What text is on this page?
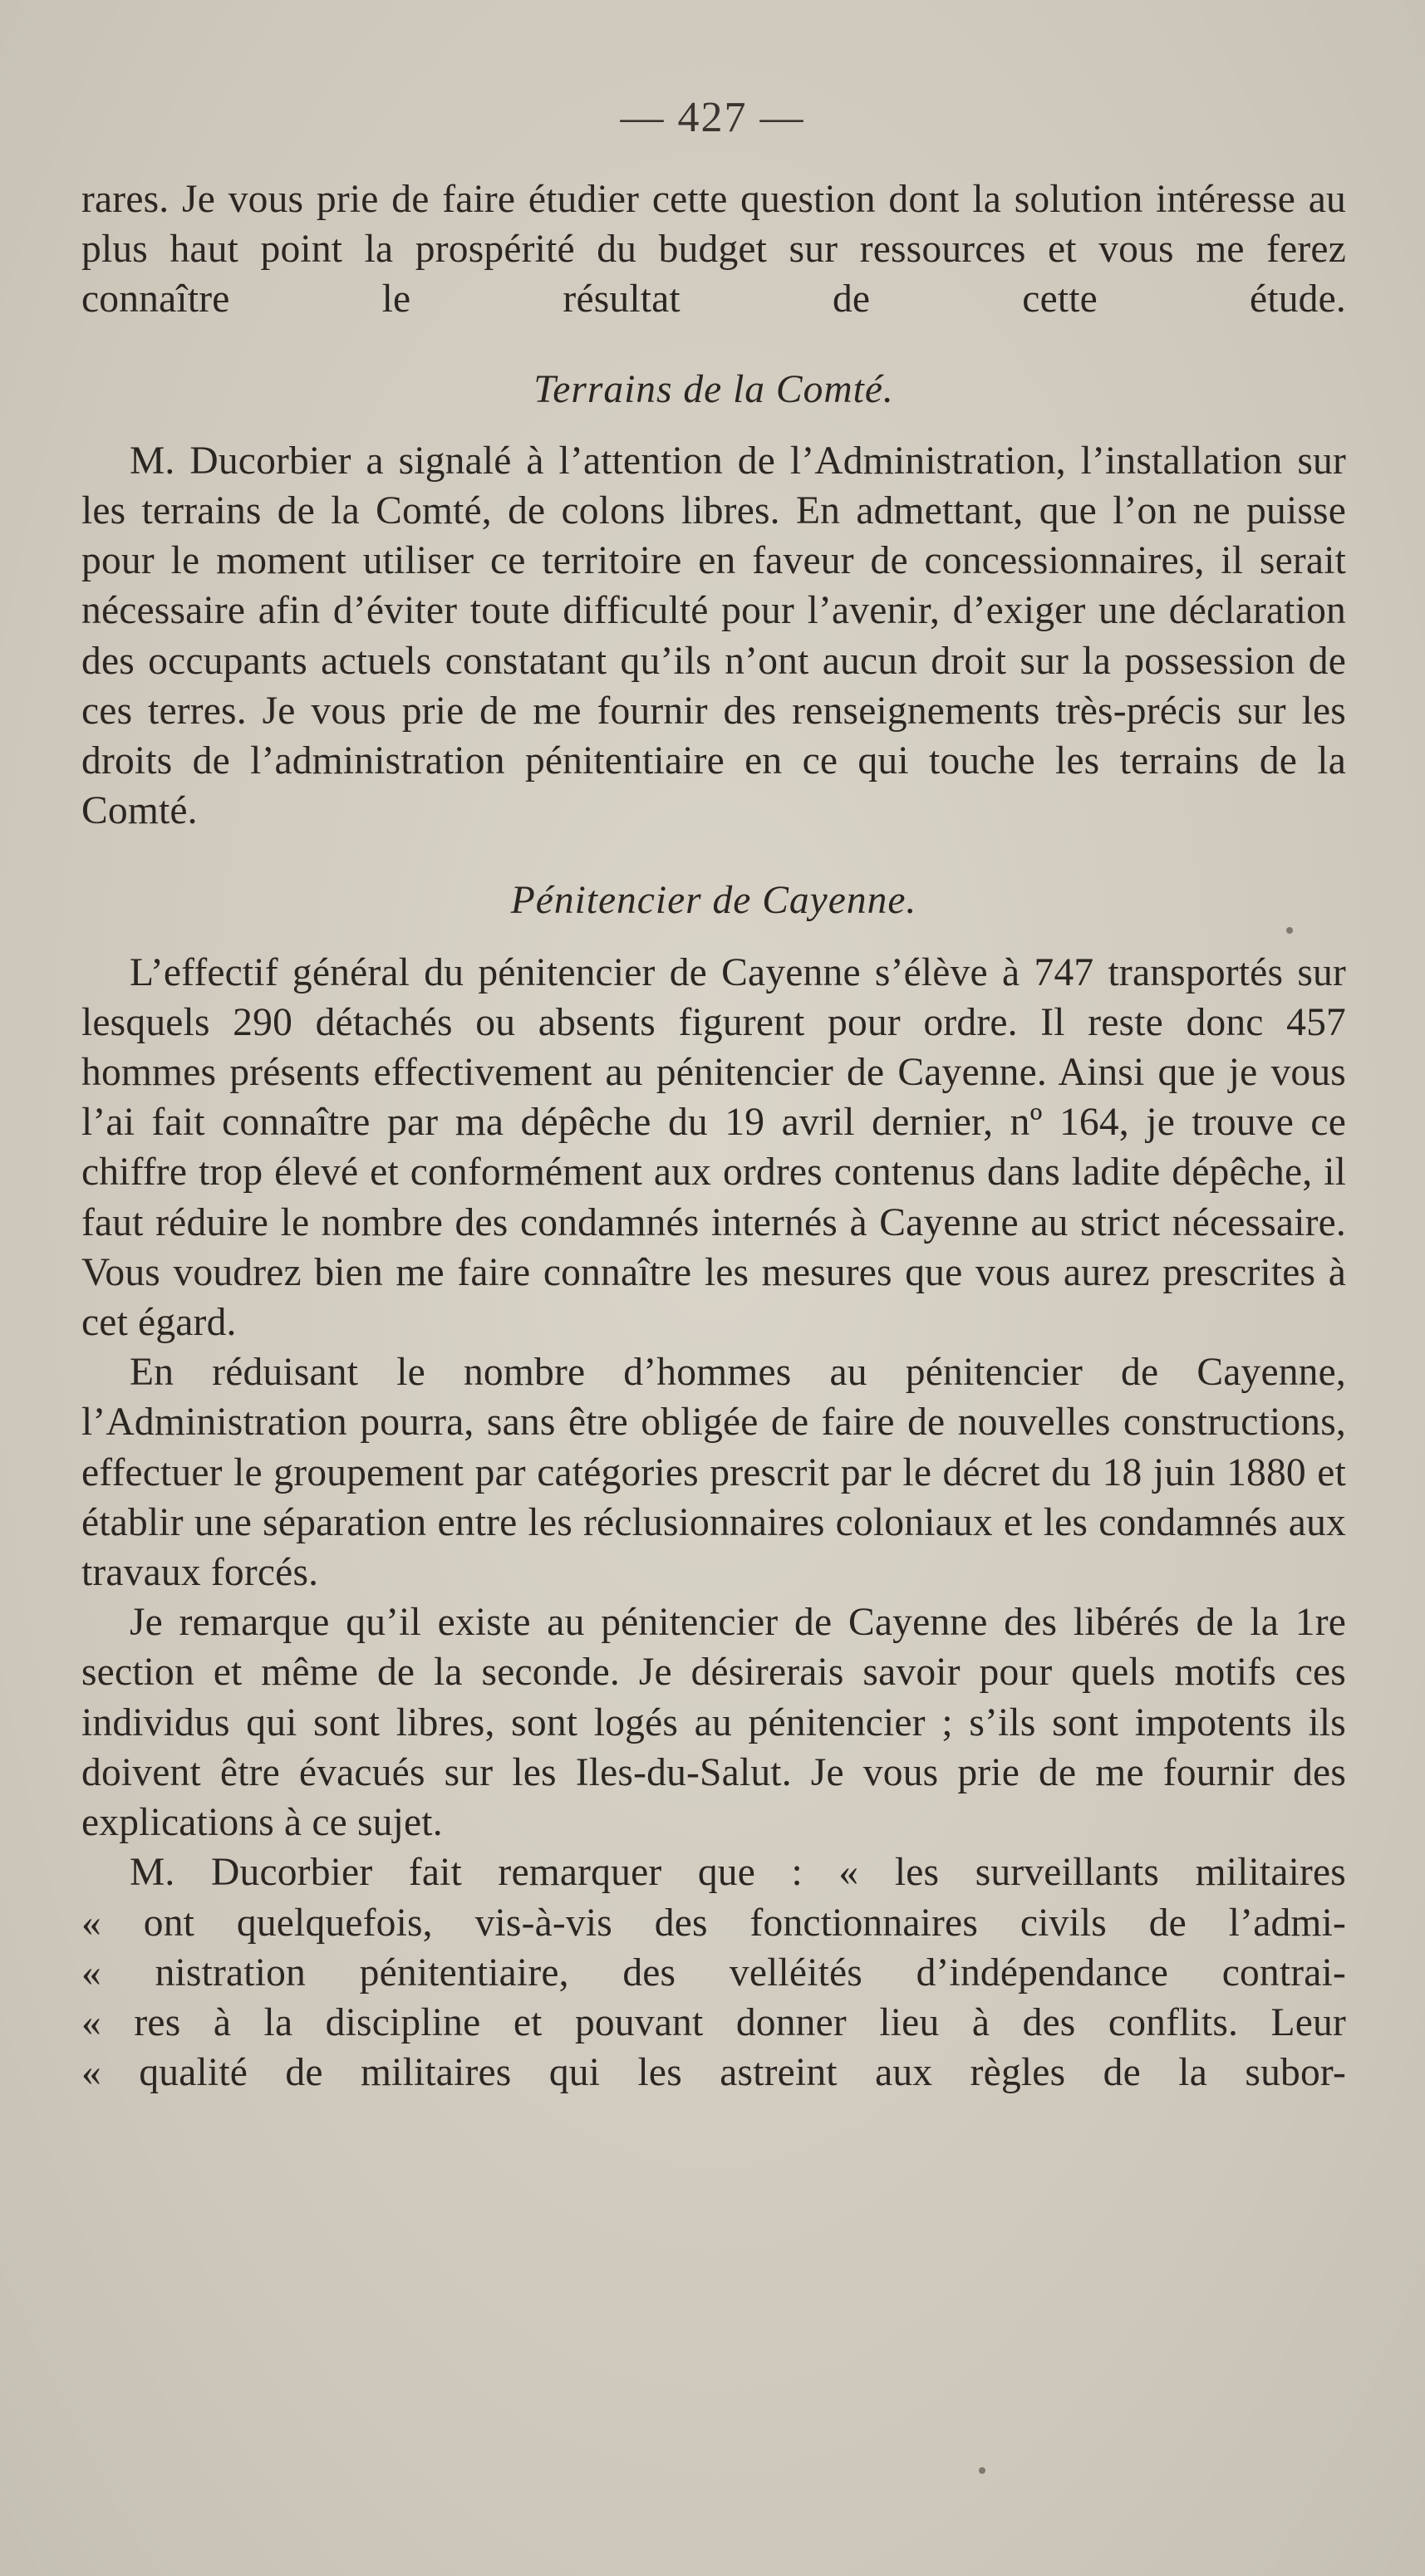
— 427 —

rares. Je vous prie de faire étudier cette question dont la solution intéresse au plus haut point la prospérité du budget sur ressources et vous me ferez connaître le résultat de cette étude.

Terrains de la Comté.

M. Ducorbier a signalé à l’attention de l’Administration, l’installation sur les terrains de la Comté, de colons libres. En admettant, que l’on ne puisse pour le moment utiliser ce territoire en faveur de concessionnaires, il serait nécessaire afin d’éviter toute difficulté pour l’avenir, d’exiger une déclaration des occupants actuels constatant qu’ils n’ont aucun droit sur la possession de ces terres. Je vous prie de me fournir des renseignements très-précis sur les droits de l’administration pénitentiaire en ce qui touche les terrains de la Comté.

Pénitencier de Cayenne.

L’effectif général du pénitencier de Cayenne s’élève à 747 transportés sur lesquels 290 détachés ou absents figurent pour ordre. Il reste donc 457 hommes présents effectivement au pénitencier de Cayenne. Ainsi que je vous l’ai fait connaître par ma dépêche du 19 avril dernier, nº 164, je trouve ce chiffre trop élevé et conformément aux ordres contenus dans ladite dépêche, il faut réduire le nombre des condamnés internés à Cayenne au strict nécessaire. Vous voudrez bien me faire connaître les mesures que vous aurez prescrites à cet égard.

En réduisant le nombre d’hommes au pénitencier de Cayenne, l’Administration pourra, sans être obligée de faire de nouvelles constructions, effectuer le groupement par catégories prescrit par le décret du 18 juin 1880 et établir une séparation entre les réclusionnaires coloniaux et les condamnés aux travaux forcés.

Je remarque qu’il existe au pénitencier de Cayenne des libérés de la 1re section et même de la seconde. Je désirerais savoir pour quels motifs ces individus qui sont libres, sont logés au pénitencier ; s’ils sont impotents ils doivent être évacués sur les Iles-du-Salut. Je vous prie de me fournir des explications à ce sujet.

M. Ducorbier fait remarquer que : « les surveillants militaires

« ont quelquefois, vis-à-vis des fonctionnaires civils de l’admi-
« nistration pénitentiaire, des velléités d’indépendance contrai-
« res à la discipline et pouvant donner lieu à des conflits. Leur
« qualité de militaires qui les astreint aux règles de la subor-
